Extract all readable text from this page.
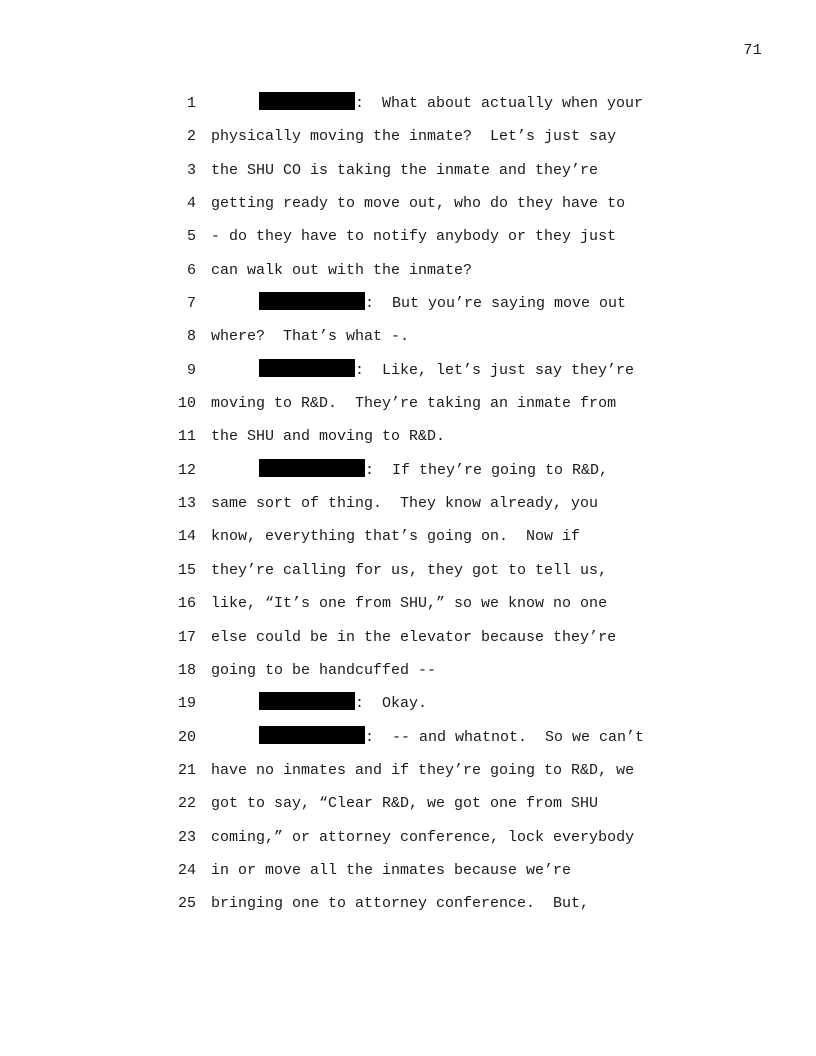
71
1	:  What about actually when your
2 physically moving the inmate?  Let’s just say
3 the SHU CO is taking the inmate and they’re
4 getting ready to move out, who do they have to
5 - do they have to notify anybody or they just
6 can walk out with the inmate?
7	:  But you’re saying move out
8 where?  That’s what -.
9	:  Like, let’s just say they’re
10 moving to R&D.  They’re taking an inmate from
11 the SHU and moving to R&D.
12	:  If they’re going to R&D,
13 same sort of thing.  They know already, you
14 know, everything that’s going on.  Now if
15 they’re calling for us, they got to tell us,
16 like, “It’s one from SHU,” so we know no one
17 else could be in the elevator because they’re
18 going to be handcuffed --
19	:  Okay.
20	:  -- and whatnot.  So we can’t
21 have no inmates and if they’re going to R&D, we
22 got to say, “Clear R&D, we got one from SHU
23 coming,” or attorney conference, lock everybody
24 in or move all the inmates because we’re
25 bringing one to attorney conference.  But,
